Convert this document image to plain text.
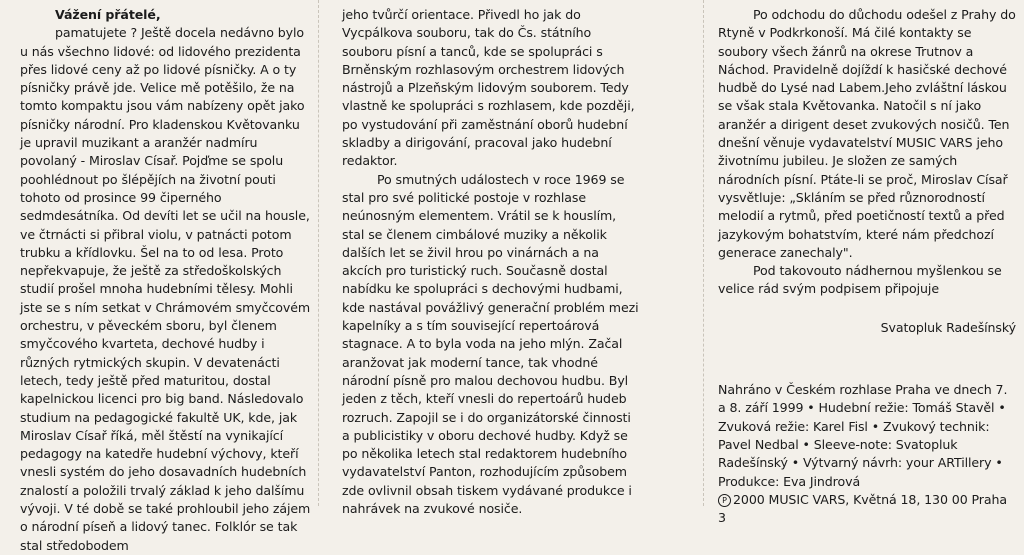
Vážení přátelé,

pamatujete ? Ještě docela nedávno bylo u nás všechno lidové: od lidového prezidenta přes lidové ceny až po lidové písničky. A o ty písničky právě jde. Velice mě potěšilo, že na tomto kompaktu jsou vám nabízeny opět jako písničky národní. Pro kladenskou Květovanku je upravil muzikant a aranžér nadmíru povolaný - Miroslav Císař. Pojďme se spolu poohlédnout po šlépějích na životní pouti tohoto od prosince 99 čiperného sedmdesátníka. Od devíti let se učil na housle, ve čtrnácti si přibral violu, v patnácti potom trubku a křídlovku. Šel na to od lesa. Proto nepřekvapuje, že ještě za středoškolských studií prošel mnoha hudebními tělesy. Mohli jste se s ním setkat v Chrámovém smyčcovém orchestru, v pěveckém sboru, byl členem smyčcového kvarteta, dechové hudby i různých rytmických skupin. V devatenácti letech, tedy ještě před maturitou, dostal kapelnickou licenci pro big band. Následovalo studium na pedagogické fakultě UK, kde, jak Miroslav Císař říká, měl štěstí na vynikající pedagogy na katedře hudební výchovy, kteří vnesli systém do jeho dosavadních hudebních znalostí a položili trvalý základ k jeho dalšímu vývoji. V té době se také prohloubil jeho zájem o národní píseň a lidový tanec. Folklór se tak stal středobodem

jeho tvůrčí orientace. Přivedl ho jak do Vycpálkova souboru, tak do Čs. státního souboru písní a tanců, kde se spolupráci s Brněnským rozhlasovým orchestrem lidových nástrojů a Plzeňským lidovým souborem. Tedy vlastně ke spolupráci s rozhlasem, kde později, po vystudování při zaměstnání oborů hudební skladby a dirigování, pracoval jako hudební redaktor.

Po smutných událostech v roce 1969 se stal pro své politické postoje v rozhlase neúnosným elementem. Vrátil se k houslím, stal se členem cimbálové muziky a několik dalších let se živil hrou po vinárnách a na akcích pro turistický ruch. Současně dostal nabídku ke spolupráci s dechovými hudbami, kde nastával povážlivý generační problém mezi kapelníky a s tím související repertoárová stagnace. A to byla voda na jeho mlýn. Začal aranžovat jak moderní tance, tak vhodné národní písně pro malou dechovou hudbu. Byl jeden z těch, kteří vnesli do repertoárů hudeb rozruch. Zapojil se i do organizátorské činnosti a publicistiky v oboru dechové hudby. Když se po několika letech stal redaktorem hudebního vydavatelství Panton, rozhodujícím způsobem zde ovlivnil obsah tiskem vydávané produkce i nahrávek na zvukové nosiče.

Po odchodu do důchodu odešel z Prahy do Rtyně v Podkrkonoší. Má čilé kontakty se soubory všech žánrů na okrese Trutnov a Náchod. Pravidelně dojíždí k hasičské dechové hudbě do Lysé nad Labem.Jeho zvláštní láskou se však stala Květovanka. Natočil s ní jako aranžér a dirigent deset zvukových nosičů. Ten dnešní věnuje vydavatelství MUSIC VARS jeho životnímu jubileu. Je složen ze samých národních písní. Ptáte-li se proč, Miroslav Císař vysvětluje: „Skláním se před různorodností melodií a rytmů, před poetičností textů a před jazykovým bohatstvím, které nám předchozí generace zanechaly".

Pod takovouto nádhernou myšlenkou se velice rád svým podpisem připojuje

Svatopluk Radešínský

Nahráno v Českém rozhlase Praha ve dnech 7. a 8. září 1999 • Hudební režie: Tomáš Stavěl • Zvuková režie: Karel Fisl • Zvukový technik: Pavel Nedbal • Sleeve-note: Svatopluk Radešínský • Výtvarný návrh: your ARTillery • Produkce: Eva Jindrová

P 2000 MUSIC VARS, Květná 18, 130 00 Praha 3
